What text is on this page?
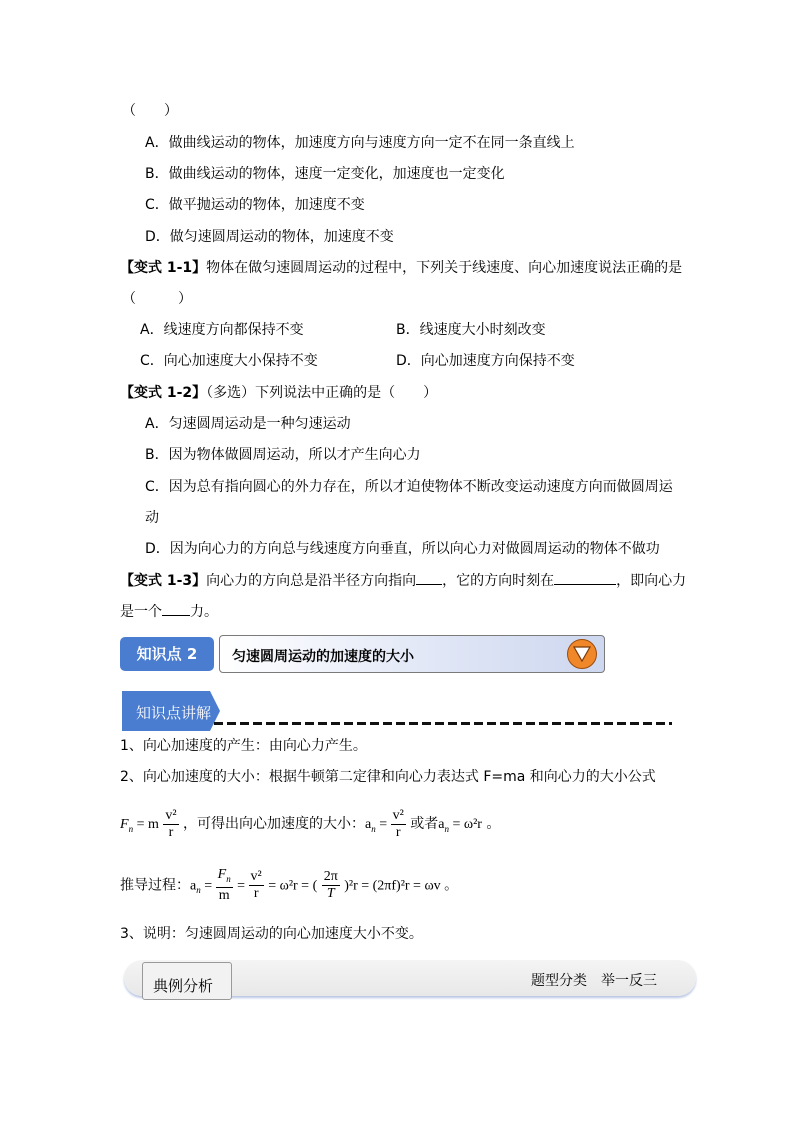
（　　）
A．做曲线运动的物体，加速度方向与速度方向一定不在同一条直线上
B．做曲线运动的物体，速度一定变化，加速度也一定变化
C．做平抛运动的物体，加速度不变
D．做匀速圆周运动的物体，加速度不变
【变式 1-1】物体在做匀速圆周运动的过程中，下列关于线速度、向心加速度说法正确的是
（　　　）
A．线速度方向都保持不变	B．线速度大小时刻改变
C．向心加速度大小保持不变	D．向心加速度方向保持不变
【变式 1-2】（多选）下列说法中正确的是（　　）
A．匀速圆周运动是一种匀速运动
B．因为物体做圆周运动，所以才产生向心力
C．因为总有指向圆心的外力存在，所以才迫使物体不断改变运动速度方向而做圆周运
动
D．因为向心力的方向总与线速度方向垂直，所以向心力对做圆周运动的物体不做功
【变式 1-3】向心力的方向总是沿半径方向指向 ，它的方向时刻在	，即向心力
是一个 力。
知识点 2	匀速圆周运动的加速度的大小
知识点讲解
1、向心加速度的产生：由向心力产生。
2、向心加速度的大小：根据牛顿第二定律和向心力表达式 F=ma 和向心力的大小公式
$F_n = m \frac{\text{v²}}{r}$ ，可得出向心加速度的大小：$a_n = \frac{\text{v²}}{r}$ 或者$a_n = \omega^2r$ 。
推导过程：$a_n = \frac{F_n}{m} = \frac{\text{v²}}{r} = \omega^2r$ = ( $\frac{2\pi}{T} )^2r = (2\pi f)^2r = \omega v$ 。
3、说明：匀速圆周运动的向心加速度大小不变。
典例分析	题型分类　举一反三
